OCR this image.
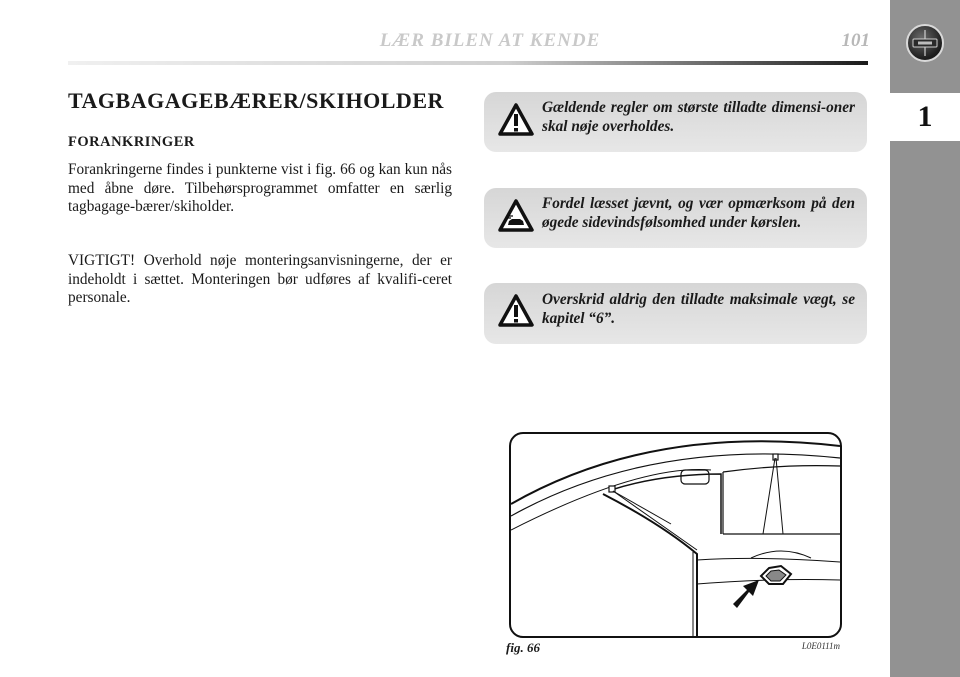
LÆR BILEN AT KENDE	101
1
TAGBAGAGEBÆRER/SKIHOLDER
FORANKRINGER
Forankringerne findes i punkterne vist i fig. 66 og kan kun nås med åbne døre. Tilbehørsprogrammet omfatter en særlig tagbagage-bærer/skiholder.
VIGTIGT! Overhold nøje monteringsanvisningerne, der er indeholdt i sættet. Monteringen bør udføres af kvalifi-ceret personale.
Gældende regler om største tilladte dimensi-oner skal nøje overholdes.
Fordel læsset jævnt, og vær opmærksom på den øgede sidevindsfølsomhed under kørslen.
Overskrid aldrig den tilladte maksimale vægt, se kapitel “6”.
fig. 66	L0E0111m
